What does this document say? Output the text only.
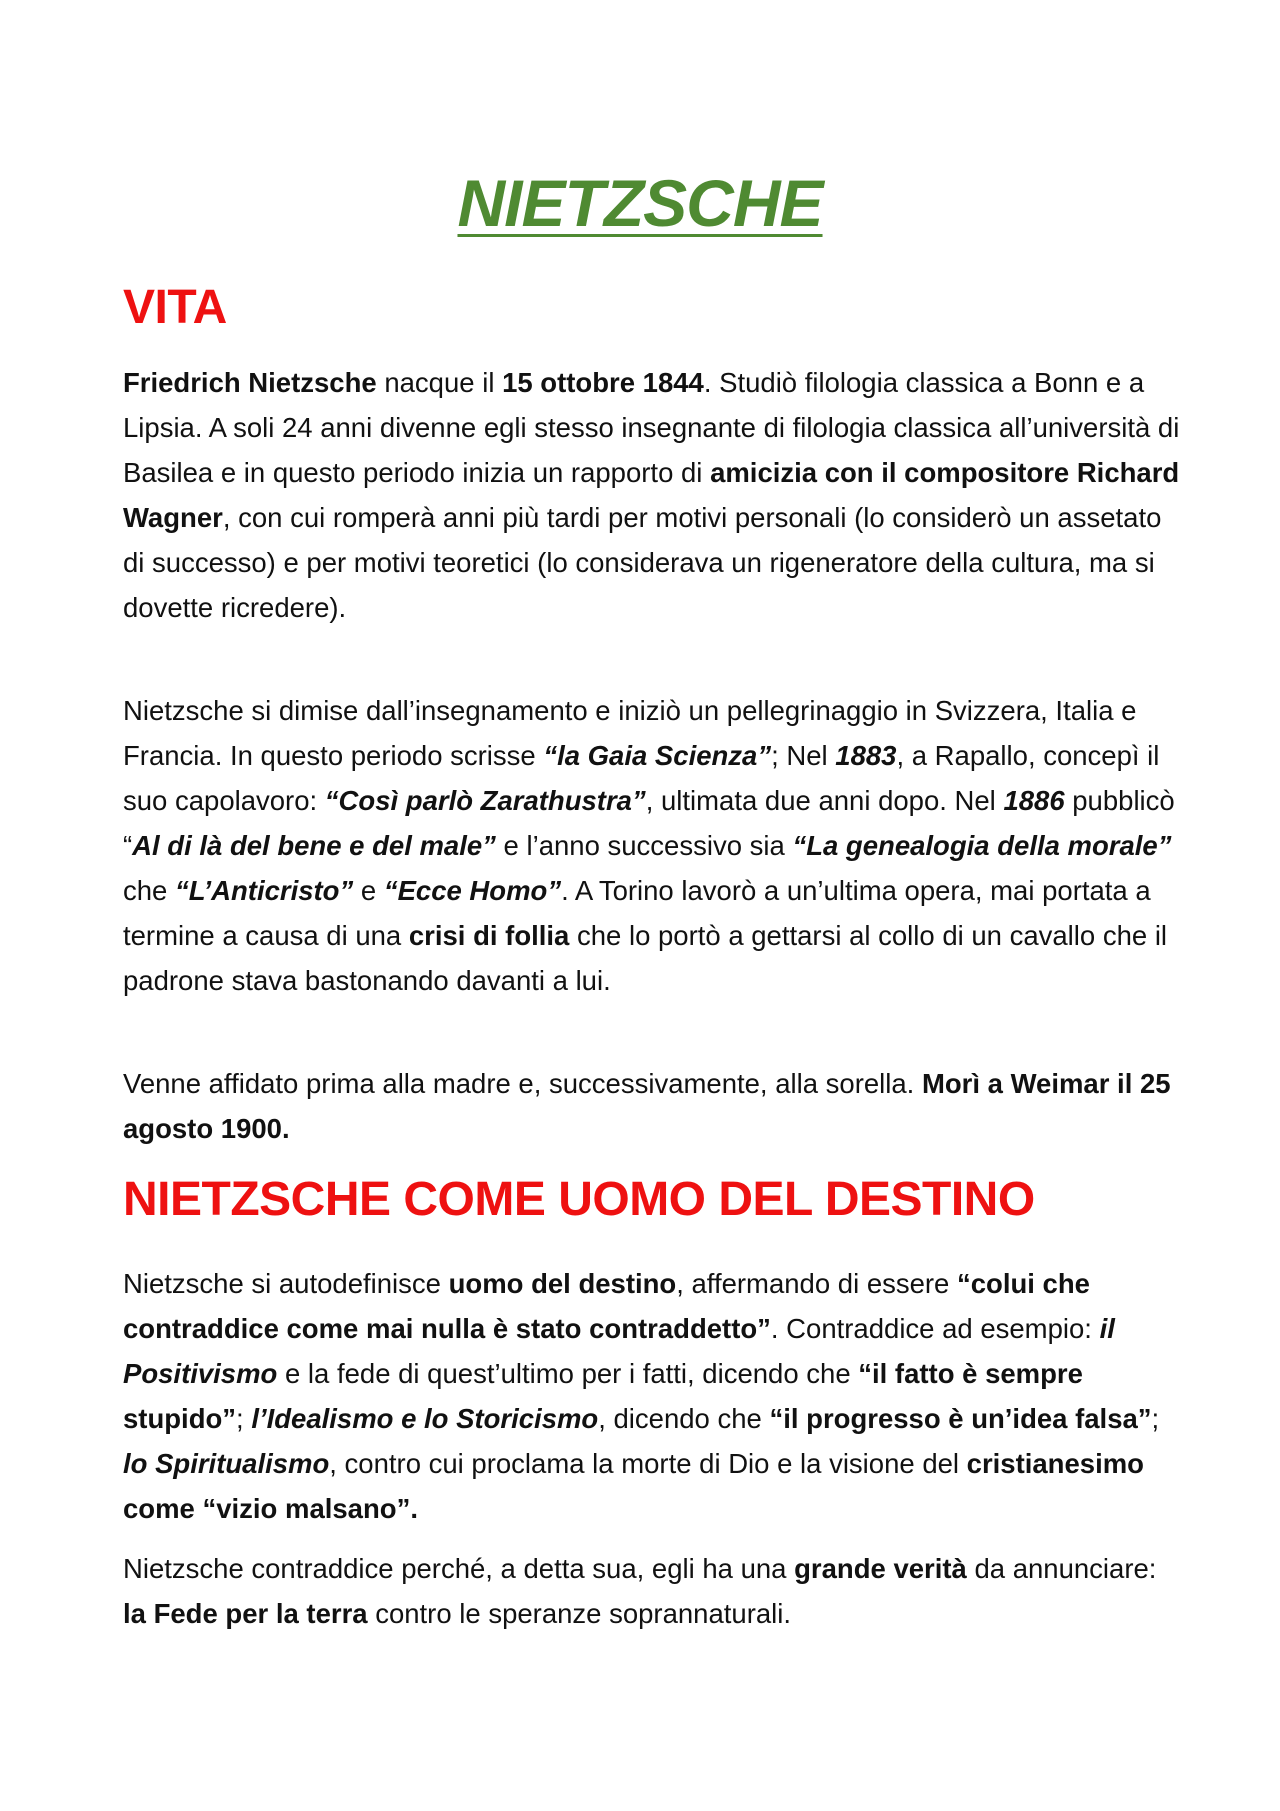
NIETZSCHE
VITA

Friedrich Nietzsche nacque il 15 ottobre 1844. Studiò filologia classica a Bonn e a Lipsia. A soli 24 anni divenne egli stesso insegnante di filologia classica all’università di Basilea e in questo periodo inizia un rapporto di amicizia con il compositore Richard Wagner, con cui romperà anni più tardi per motivi personali (lo considerò un assetato di successo) e per motivi teoretici (lo considerava un rigeneratore della cultura, ma si dovette ricredere).

Nietzsche si dimise dall’insegnamento e iniziò un pellegrinaggio in Svizzera, Italia e Francia. In questo periodo scrisse “la Gaia Scienza”; Nel 1883, a Rapallo, concepì il suo capolavoro: “Così parlò Zarathustra”, ultimata due anni dopo. Nel 1886 pubblicò “Al di là del bene e del male” e l’anno successivo sia “La genealogia della morale” che “L’Anticristo” e “Ecce Homo”. A Torino lavorò a un’ultima opera, mai portata a termine a causa di una crisi di follia che lo portò a gettarsi al collo di un cavallo che il padrone stava bastonando davanti a lui.

Venne affidato prima alla madre e, successivamente, alla sorella. Morì a Weimar il 25 agosto 1900.

NIETZSCHE COME UOMO DEL DESTINO

Nietzsche si autodefinisce uomo del destino, affermando di essere “colui che contraddice come mai nulla è stato contraddetto”. Contraddice ad esempio: il Positivismo e la fede di quest’ultimo per i fatti, dicendo che “il fatto è sempre stupido”; l’Idealismo e lo Storicismo, dicendo che “il progresso è un’idea falsa”; lo Spiritualismo, contro cui proclama la morte di Dio e la visione del cristianesimo come “vizio malsano”.

Nietzsche contraddice perché, a detta sua, egli ha una grande verità da annunciare: la Fede per la terra contro le speranze soprannaturali.
